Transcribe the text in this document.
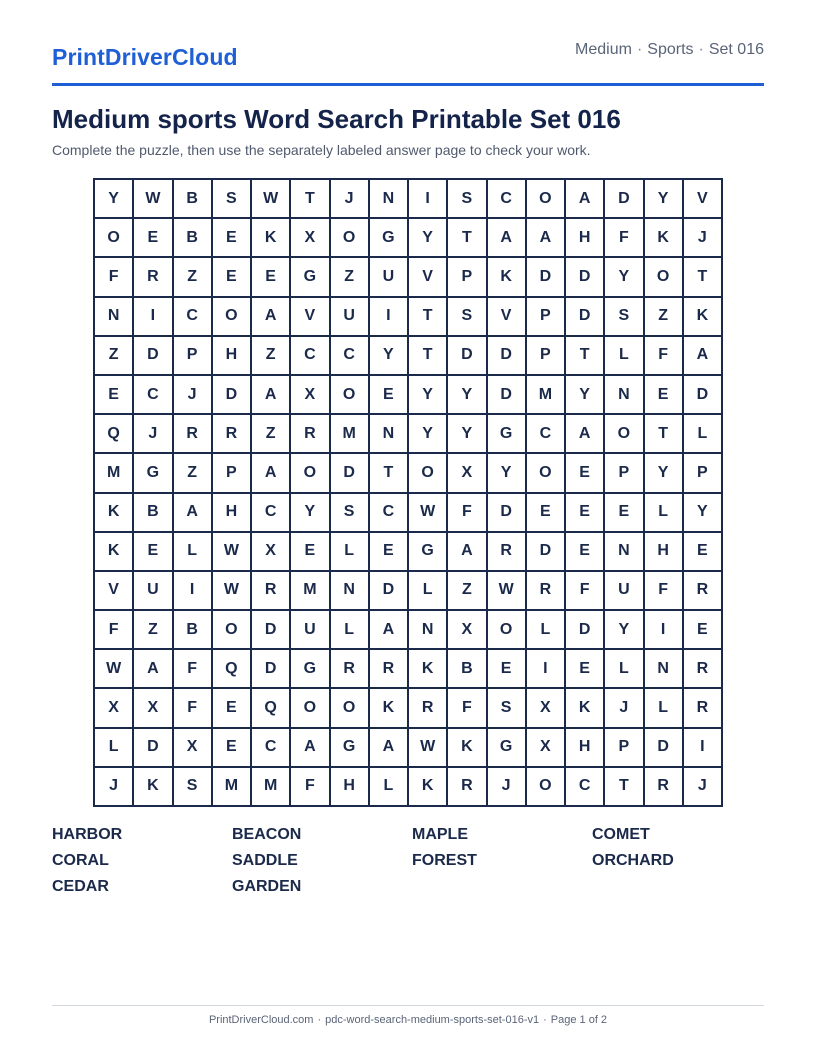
PrintDriverCloud	Medium · Sports · Set 016
Medium sports Word Search Printable Set 016
Complete the puzzle, then use the separately labeled answer page to check your work.
Y	W	B	S	W	T	J	N	I	S	C	O	A	D	Y	V
O	E	B	E	K	X	O	G	Y	T	A	A	H	F	K	J
F	R	Z	E	E	G	Z	U	V	P	K	D	D	Y	O	T
N	I	C	O	A	V	U	I	T	S	V	P	D	S	Z	K
Z	D	P	H	Z	C	C	Y	T	D	D	P	T	L	F	A
E	C	J	D	A	X	O	E	Y	Y	D	M	Y	N	E	D
Q	J	R	R	Z	R	M	N	Y	Y	G	C	A	O	T	L
M	G	Z	P	A	O	D	T	O	X	Y	O	E	P	Y	P
K	B	A	H	C	Y	S	C	W	F	D	E	E	E	L	Y
K	E	L	W	X	E	L	E	G	A	R	D	E	N	H	E
V	U	I	W	R	M	N	D	L	Z	W	R	F	U	F	R
F	Z	B	O	D	U	L	A	N	X	O	L	D	Y	I	E
W	A	F	Q	D	G	R	R	K	B	E	I	E	L	N	R
X	X	F	E	Q	O	O	K	R	F	S	X	K	J	L	R
L	D	X	E	C	A	G	A	W	K	G	X	H	P	D	I
J	K	S	M	M	F	H	L	K	R	J	O	C	T	R	J
HARBOR	BEACON	MAPLE	COMET
CORAL	SADDLE	FOREST	ORCHARD
CEDAR	GARDEN
PrintDriverCloud.com · pdc-word-search-medium-sports-set-016-v1 · Page 1 of 2
